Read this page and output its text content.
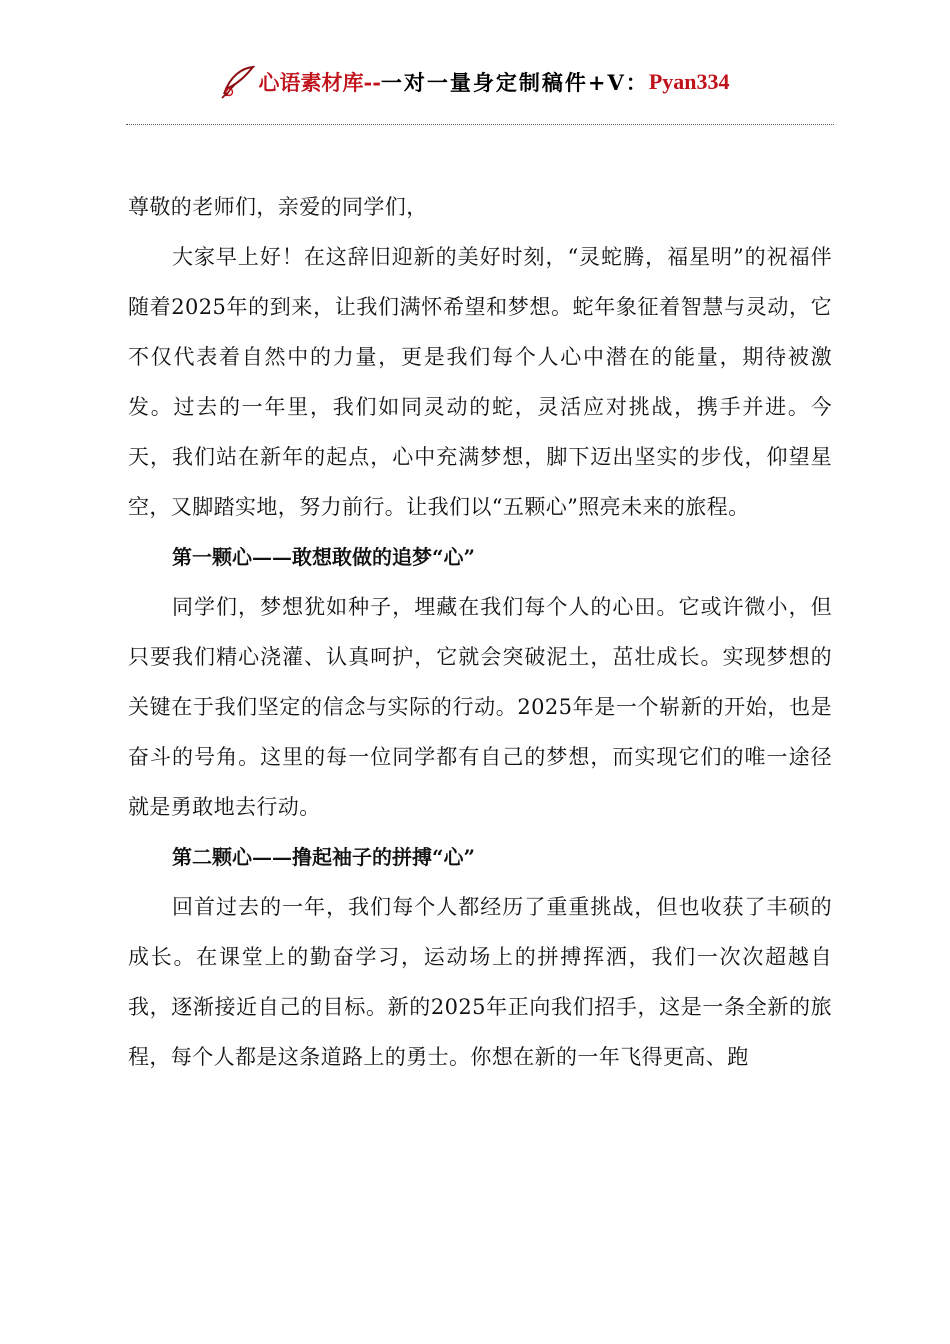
心语素材库 -- 一对一量身定制稿件+V： Pyan334

尊敬的老师们，亲爱的同学们，

大家早上好！在这辞旧迎新的美好时刻，“灵蛇腾，福星明”的祝福伴随着2025年的到来，让我们满怀希望和梦想。蛇年象征着智慧与灵动，它不仅代表着自然中的力量，更是我们每个人心中潜在的能量，期待被激发。过去的一年里，我们如同灵动的蛇，灵活应对挑战，携手并进。今天，我们站在新年的起点，心中充满梦想，脚下迈出坚实的步伐，仰望星空，又脚踏实地，努力前行。让我们以“五颗心”照亮未来的旅程。

第一颗心——敢想敢做的追梦“心”

同学们，梦想犹如种子，埋藏在我们每个人的心田。它或许微小，但只要我们精心浇灌、认真呵护，它就会突破泥土，茁壮成长。实现梦想的关键在于我们坚定的信念与实际的行动。2025年是一个崭新的开始，也是奋斗的号角。这里的每一位同学都有自己的梦想，而实现它们的唯一途径就是勇敢地去行动。

第二颗心——撸起袖子的拼搏“心”

回首过去的一年，我们每个人都经历了重重挑战，但也收获了丰硕的成长。在课堂上的勤奋学习，运动场上的拼搏挥洒，我们一次次超越自我，逐渐接近自己的目标。新的2025年正向我们招手，这是一条全新的旅程，每个人都是这条道路上的勇士。你想在新的一年飞得更高、跑
